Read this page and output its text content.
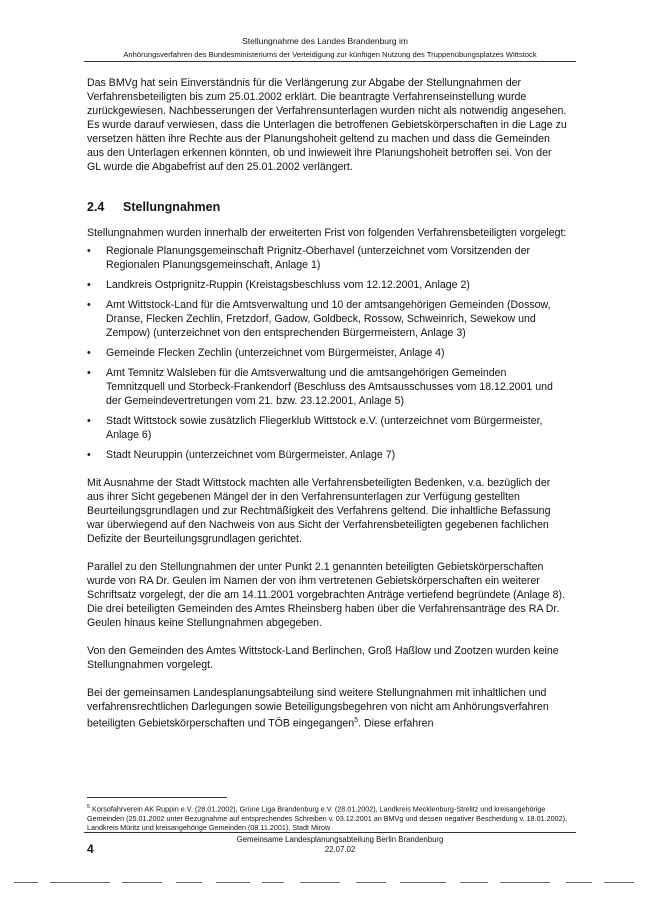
Stellungnahme des Landes Brandenburg im
Anhörungsverfahren des Bundesministeriums der Verteidigung zur künftigen Nutzung des Truppenübungsplatzes Wittstock

Das BMVg hat sein Einverständnis für die Verlängerung zur Abgabe der Stellungnahmen der Verfahrensbeteiligten bis zum 25.01.2002 erklärt. Die beantragte Verfahrenseinstellung wurde zurückgewiesen. Nachbesserungen der Verfahrensunterlagen wurden nicht als notwendig angesehen. Es wurde darauf verwiesen, dass die Unterlagen die betroffenen Gebietskörperschaften in die Lage zu versetzen hätten ihre Rechte aus der Planungshoheit geltend zu machen und dass die Gemeinden aus den Unterlagen erkennen könnten, ob und inwieweit ihre Planungshoheit betroffen sei. Von der GL wurde die Abgabefrist auf den 25.01.2002 verlängert.

2.4 Stellungnahmen

Stellungnahmen wurden innerhalb der erweiterten Frist von folgenden Verfahrensbeteiligten vorgelegt:

• Regionale Planungsgemeinschaft Prignitz-Oberhavel (unterzeichnet vom Vorsitzenden der Regionalen Planungsgemeinschaft, Anlage 1)
• Landkreis Ostprignitz-Ruppin (Kreistagsbeschluss vom 12.12.2001, Anlage 2)
• Amt Wittstock-Land für die Amtsverwaltung und 10 der amtsangehörigen Gemeinden (Dossow, Dranse, Flecken Zechlin, Fretzdorf, Gadow, Goldbeck, Rossow, Schweinrich, Sewekow und Zempow) (unterzeichnet von den entsprechenden Bürgermeistern, Anlage 3)
• Gemeinde Flecken Zechlin (unterzeichnet vom Bürgermeister, Anlage 4)
• Amt Temnitz Walsleben für die Amtsverwaltung und die amtsangehörigen Gemeinden Temnitzquell und Storbeck-Frankendorf (Beschluss des Amtsausschusses vom 18.12.2001 und der Gemeindevertretungen vom 21. bzw. 23.12.2001, Anlage 5)
• Stadt Wittstock sowie zusätzlich Fliegerklub Wittstock e.V. (unterzeichnet vom Bürgermeister, Anlage 6)
• Stadt Neuruppin (unterzeichnet vom Bürgermeister, Anlage 7)

Mit Ausnahme der Stadt Wittstock machten alle Verfahrensbeteiligten Bedenken, v.a. bezüglich der aus ihrer Sicht gegebenen Mängel der in den Verfahrensunterlagen zur Verfügung gestellten Beurteilungsgrundlagen und zur Rechtmäßigkeit des Verfahrens geltend. Die inhaltliche Befassung war überwiegend auf den Nachweis von aus Sicht der Verfahrensbeteiligten gegebenen fachlichen Defizite der Beurteilungsgrundlagen gerichtet.

Parallel zu den Stellungnahmen der unter Punkt 2.1 genannten beteiligten Gebietskörperschaften wurde von RA Dr. Geulen im Namen der von ihm vertretenen Gebietskörperschaften ein weiterer Schriftsatz vorgelegt, der die am 14.11.2001 vorgebrachten Anträge vertiefend begründete (Anlage 8). Die drei beteiligten Gemeinden des Amtes Rheinsberg haben über die Verfahrensanträge des RA Dr. Geulen hinaus keine Stellungnahmen abgegeben.

Von den Gemeinden des Amtes Wittstock-Land Berlinchen, Groß Haßlow und Zootzen wurden keine Stellungnahmen vorgelegt.

Bei der gemeinsamen Landesplanungsabteilung sind weitere Stellungnahmen mit inhaltlichen und verfahrensrechtlichen Darlegungen sowie Beteiligungsbegehren von nicht am Anhörungsverfahren beteiligten Gebietskörperschaften und TÖB eingegangen$^5$. Diese erfahren

$^5$ Korsofahrverein AK Ruppin e.V. (28.01.2002), Grüne Liga Brandenburg e.V. (28.01.2002), Landkreis Mecklenburg-Strelitz und kreisangehörige Gemeinden (25.01.2002 unter Bezugnahme auf entsprechendes Schreiben v. 03.12.2001 an BMVg und dessen negativer Bescheidung v. 18.01.2002), Landkreis Müritz und kreisangehörige Gemeinden (08.11.2001), Stadt Mirow
4
Gemeinsame Landesplanungsabteilung Berlin Brandenburg
22.07.02
